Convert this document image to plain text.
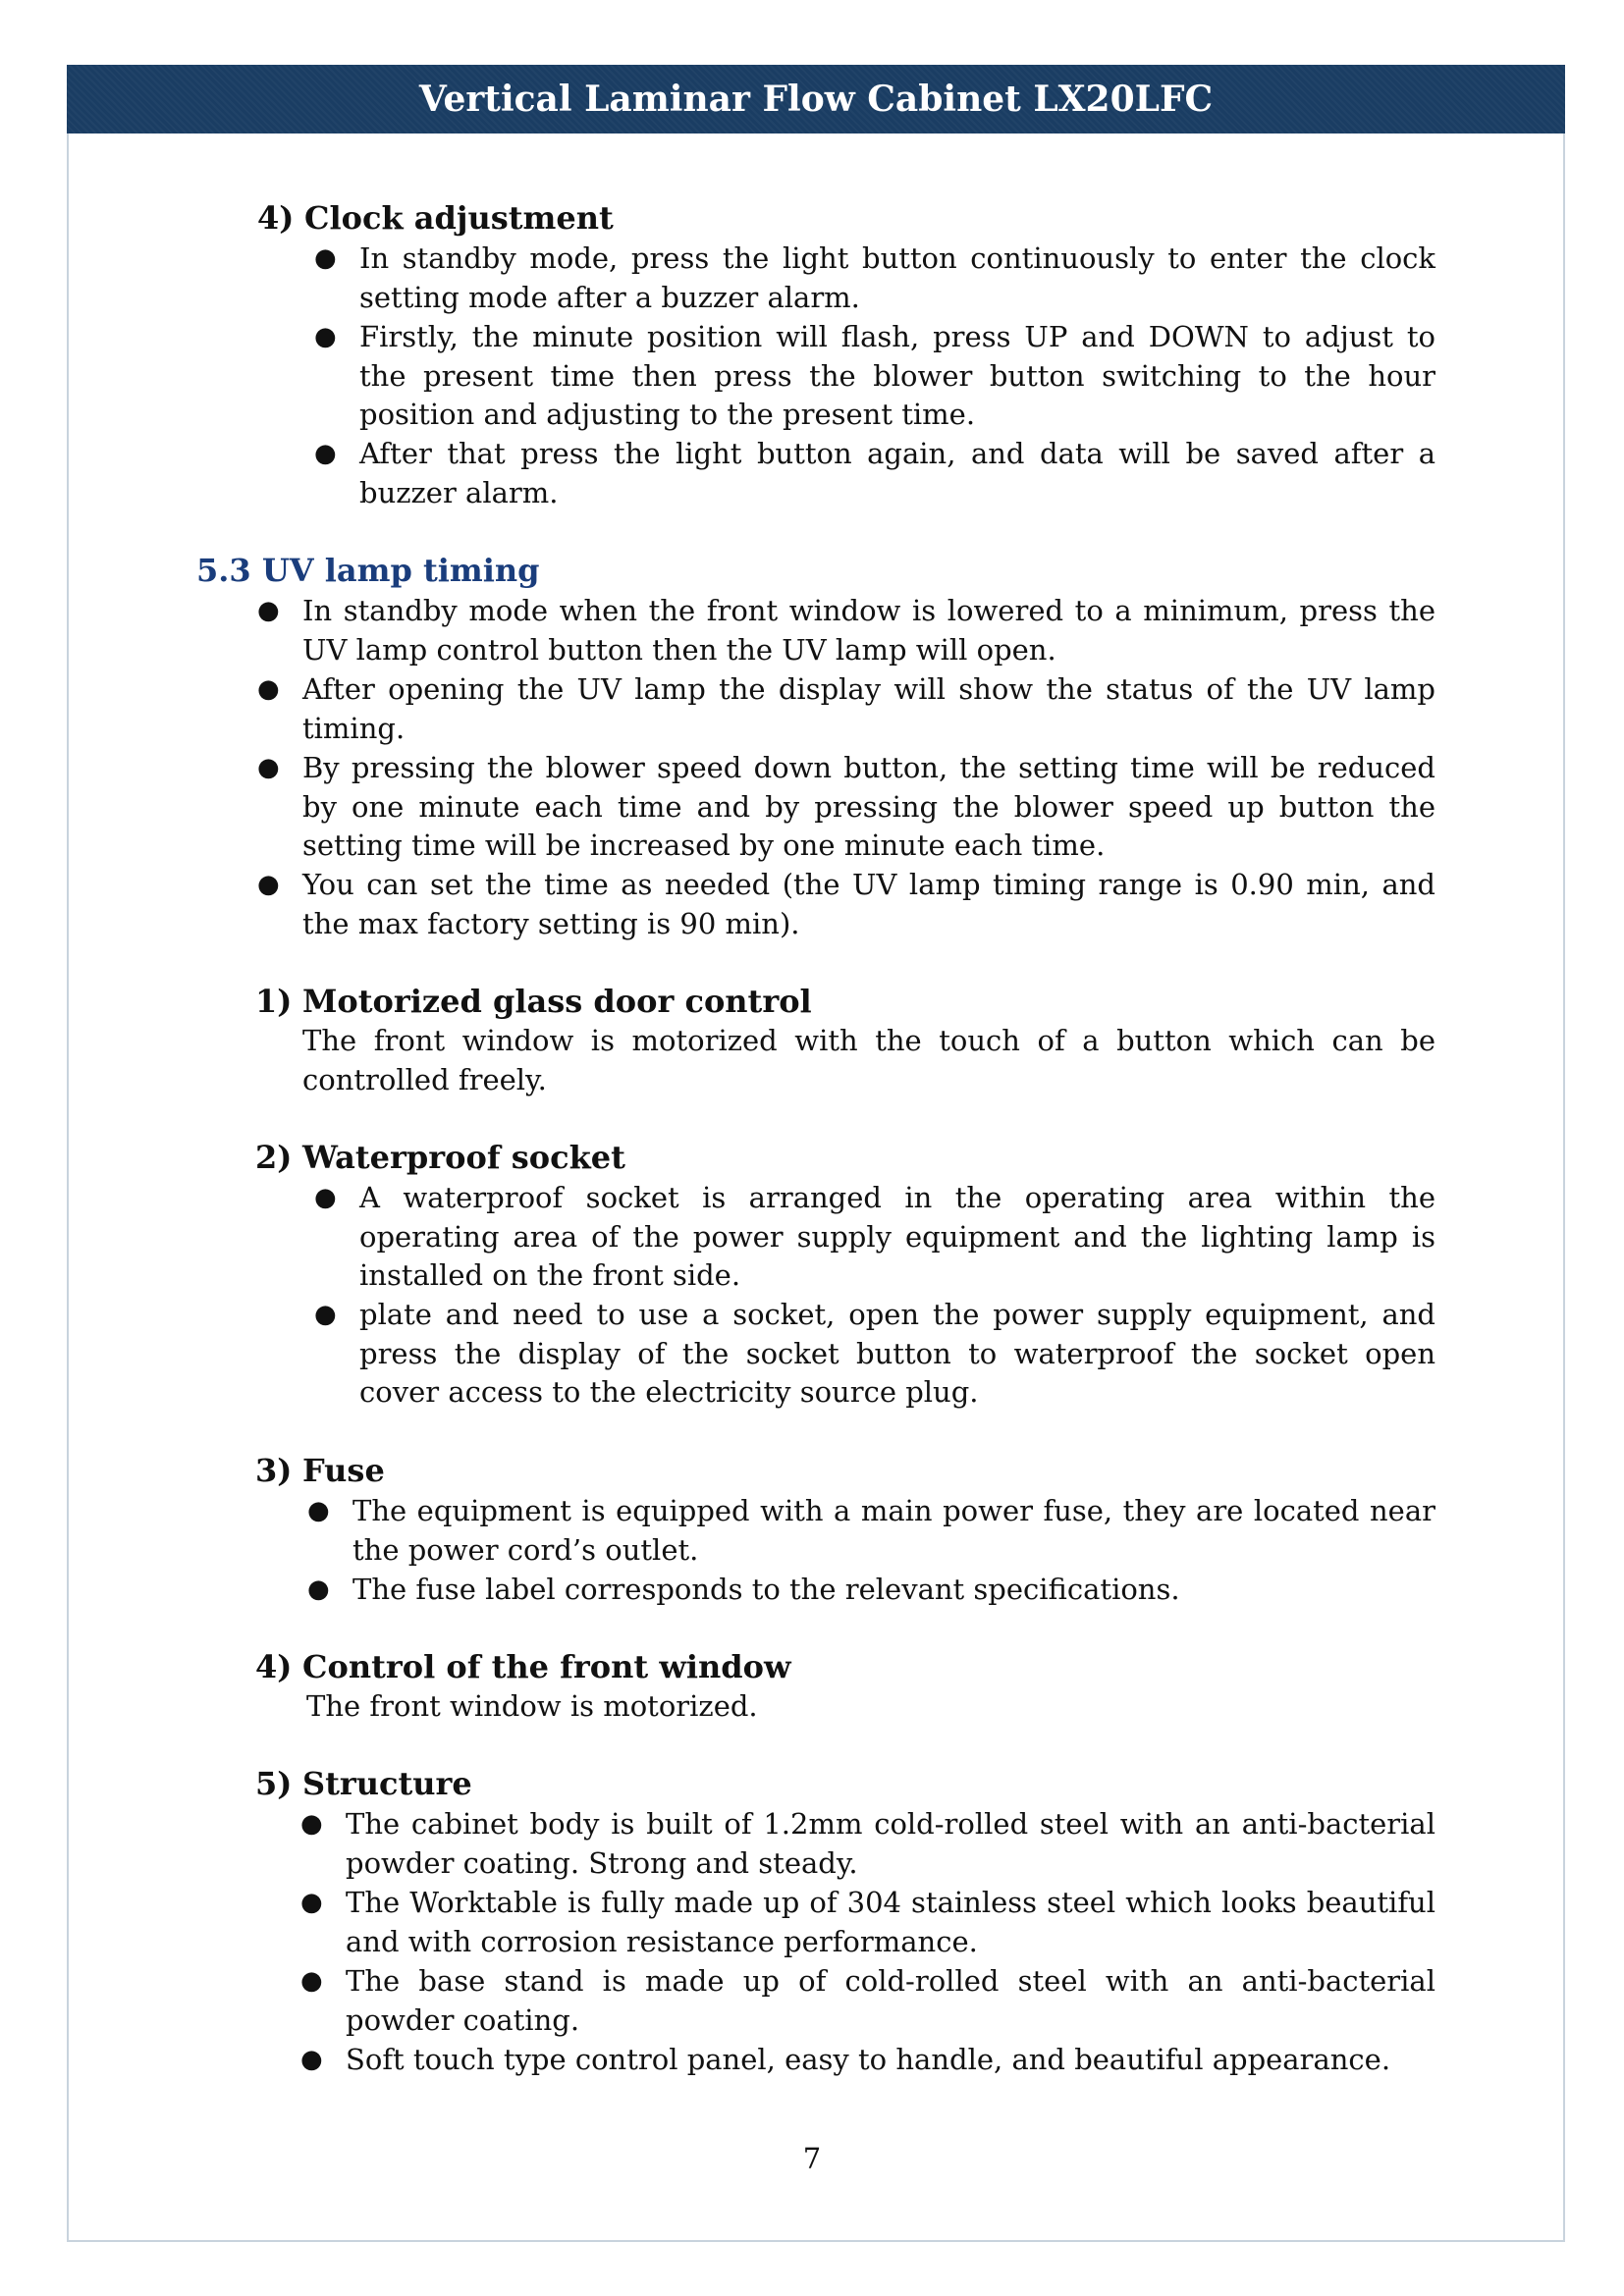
Vertical Laminar Flow Cabinet LX20LFC
4) Clock adjustment
● In standby mode, press the light button continuously to enter the clock setting mode after a buzzer alarm.
● Firstly, the minute position will flash, press UP and DOWN to adjust to the present time then press the blower button switching to the hour position and adjusting to the present time.
● After that press the light button again, and data will be saved after a buzzer alarm.
5.3 UV lamp timing
● In standby mode when the front window is lowered to a minimum, press the UV lamp control button then the UV lamp will open.
● After opening the UV lamp the display will show the status of the UV lamp timing.
● By pressing the blower speed down button, the setting time will be reduced by one minute each time and by pressing the blower speed up button the setting time will be increased by one minute each time.
● You can set the time as needed (the UV lamp timing range is 0.90 min, and the max factory setting is 90 min).
1) Motorized glass door control
The front window is motorized with the touch of a button which can be controlled freely.
2) Waterproof socket
● A waterproof socket is arranged in the operating area within the operating area of the power supply equipment and the lighting lamp is installed on the front side.
● plate and need to use a socket, open the power supply equipment, and press the display of the socket button to waterproof the socket open cover access to the electricity source plug.
3) Fuse
● The equipment is equipped with a main power fuse, they are located near the power cord’s outlet.
● The fuse label corresponds to the relevant specifications.
4) Control of the front window
The front window is motorized.
5) Structure
● The cabinet body is built of 1.2mm cold-rolled steel with an anti-bacterial powder coating. Strong and steady.
● The Worktable is fully made up of 304 stainless steel which looks beautiful and with corrosion resistance performance.
● The base stand is made up of cold-rolled steel with an anti-bacterial powder coating.
● Soft touch type control panel, easy to handle, and beautiful appearance.
7
